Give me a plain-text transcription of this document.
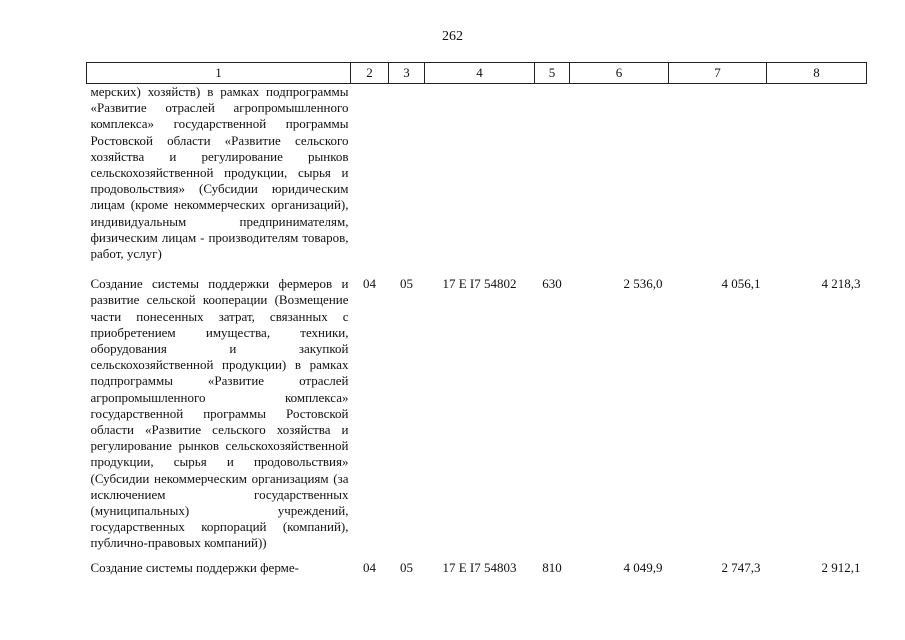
262
1	2	3	4	5	6	7	8
мерских) хозяйств) в рамках подпрограммы «Развитие отраслей агропромышленного комплекса» государственной программы Ростовской области «Развитие сельского хозяйства и регулирование рынков сельскохозяйственной продукции, сырья и продовольствия» (Субсидии юридическим лицам (кроме некоммерческих организаций), индивидуальным предпринимателям, физическим лицам - производителям товаров, работ, услуг)							
Создание системы поддержки фермеров и развитие сельской кооперации (Возмещение части понесенных затрат, связанных с приобретением имущества, техники, оборудования и закупкой сельскохозяйственной продукции) в рамках подпрограммы «Развитие отраслей агропромышленного комплекса» государственной программы Ростовской области «Развитие сельского хозяйства и регулирование рынков сельскохозяйственной продукции, сырья и продовольствия» (Субсидии некоммерческим организациям (за исключением государственных (муниципальных) учреждений, государственных корпораций (компаний), публично-правовых компаний))	04	05	17 Е I7 54802	630	2 536,0	4 056,1	4 218,3
Создание системы поддержки ферме-	04	05	17 Е I7 54803	810	4 049,9	2 747,3	2 912,1
